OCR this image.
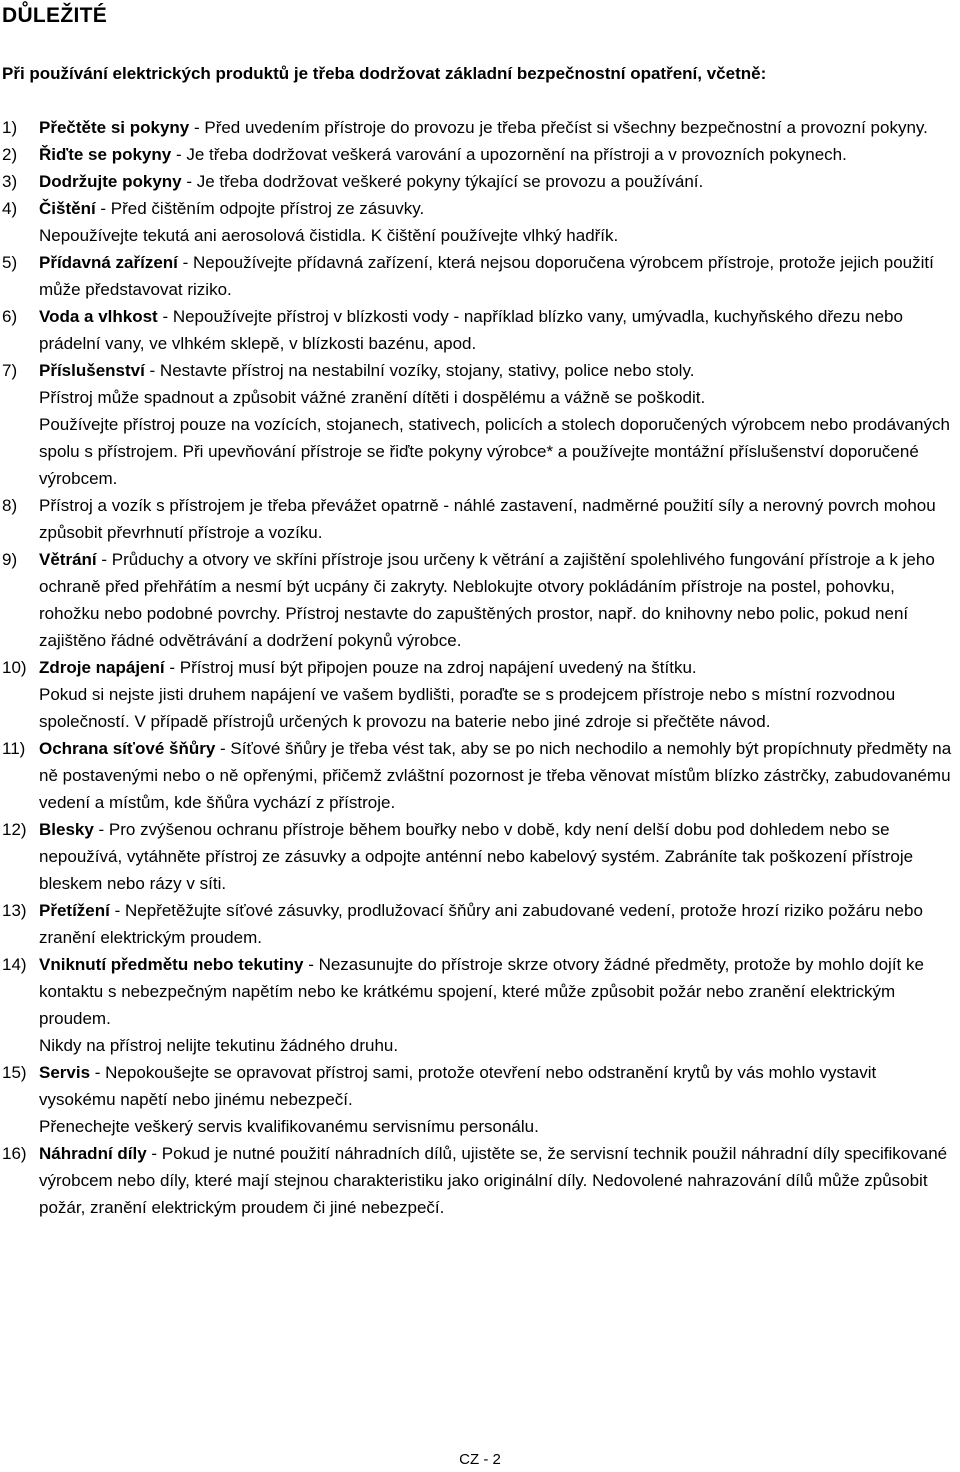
DŮLEŽITÉ
Při používání elektrických produktů je třeba dodržovat základní bezpečnostní opatření, včetně:
1) Přečtěte si pokyny - Před uvedením přístroje do provozu je třeba přečíst si všechny bezpečnostní a provozní pokyny.
2) Řiďte se pokyny - Je třeba dodržovat veškerá varování a upozornění na přístroji a v provozních pokynech.
3) Dodržujte pokyny - Je třeba dodržovat veškeré pokyny týkající se provozu a používání.
4) Čištění - Před čištěním odpojte přístroj ze zásuvky.
Nepoužívejte tekutá ani aerosolová čistidla. K čištění používejte vlhký hadřík.
5) Přídavná zařízení - Nepoužívejte přídavná zařízení, která nejsou doporučena výrobcem přístroje, protože jejich použití může představovat riziko.
6) Voda a vlhkost - Nepoužívejte přístroj v blízkosti vody - například blízko vany, umývadla, kuchyňského dřezu nebo prádelní vany, ve vlhkém sklepě, v blízkosti bazénu, apod.
7) Příslušenství - Nestavte přístroj na nestabilní vozíky, stojany, stativy, police nebo stoly.
Přístroj může spadnout a způsobit vážné zranění dítěti i dospělému a vážně se poškodit.
Používejte přístroj pouze na vozících, stojanech, stativech, policích a stolech doporučených výrobcem nebo prodávaných spolu s přístrojem. Při upevňování přístroje se řiďte pokyny výrobce* a používejte montážní příslušenství doporučené výrobcem.
8) Přístroj a vozík s přístrojem je třeba převážet opatrně - náhlé zastavení, nadměrné použití síly a nerovný povrch mohou způsobit převrhnutí přístroje a vozíku.
9) Větrání - Průduchy a otvory ve skříni přístroje jsou určeny k větrání a zajištění spolehlivého fungování přístroje a k jeho ochraně před přehřátím a nesmí být ucpány či zakryty. Neblokujte otvory pokládáním přístroje na postel, pohovku, rohožku nebo podobné povrchy. Přístroj nestavte do zapuštěných prostor, např. do knihovny nebo polic, pokud není zajištěno řádné odvětrávání a dodržení pokynů výrobce.
10) Zdroje napájení - Přístroj musí být připojen pouze na zdroj napájení uvedený na štítku.
Pokud si nejste jisti druhem napájení ve vašem bydlišti, poraďte se s prodejcem přístroje nebo s místní rozvodnou společností. V případě přístrojů určených k provozu na baterie nebo jiné zdroje si přečtěte návod.
11) Ochrana síťové šňůry - Síťové šňůry je třeba vést tak, aby se po nich nechodilo a nemohly být propíchnuty předměty na ně postavenými nebo o ně opřenými, přičemž zvláštní pozornost je třeba věnovat místům blízko zástrčky, zabudovanému vedení a místům, kde šňůra vychází z přístroje.
12) Blesky - Pro zvýšenou ochranu přístroje během bouřky nebo v době, kdy není delší dobu pod dohledem nebo se nepoužívá, vytáhněte přístroj ze zásuvky a odpojte anténní nebo kabelový systém. Zabráníte tak poškození přístroje bleskem nebo rázy v síti.
13) Přetížení - Nepřetěžujte síťové zásuvky, prodlužovací šňůry ani zabudované vedení, protože hrozí riziko požáru nebo zranění elektrickým proudem.
14) Vniknutí předmětu nebo tekutiny - Nezasunujte do přístroje skrze otvory žádné předměty, protože by mohlo dojít ke kontaktu s nebezpečným napětím nebo ke krátkému spojení, které může způsobit požár nebo zranění elektrickým proudem.
Nikdy na přístroj nelijte tekutinu žádného druhu.
15) Servis - Nepokoušejte se opravovat přístroj sami, protože otevření nebo odstranění krytů by vás mohlo vystavit vysokému napětí nebo jinému nebezpečí.
Přenechejte veškerý servis kvalifikovanému servisnímu personálu.
16) Náhradní díly - Pokud je nutné použití náhradních dílů, ujistěte se, že servisní technik použil náhradní díly specifikované výrobcem nebo díly, které mají stejnou charakteristiku jako originální díly. Nedovolené nahrazování dílů může způsobit požár, zranění elektrickým proudem či jiné nebezpečí.
CZ - 2
